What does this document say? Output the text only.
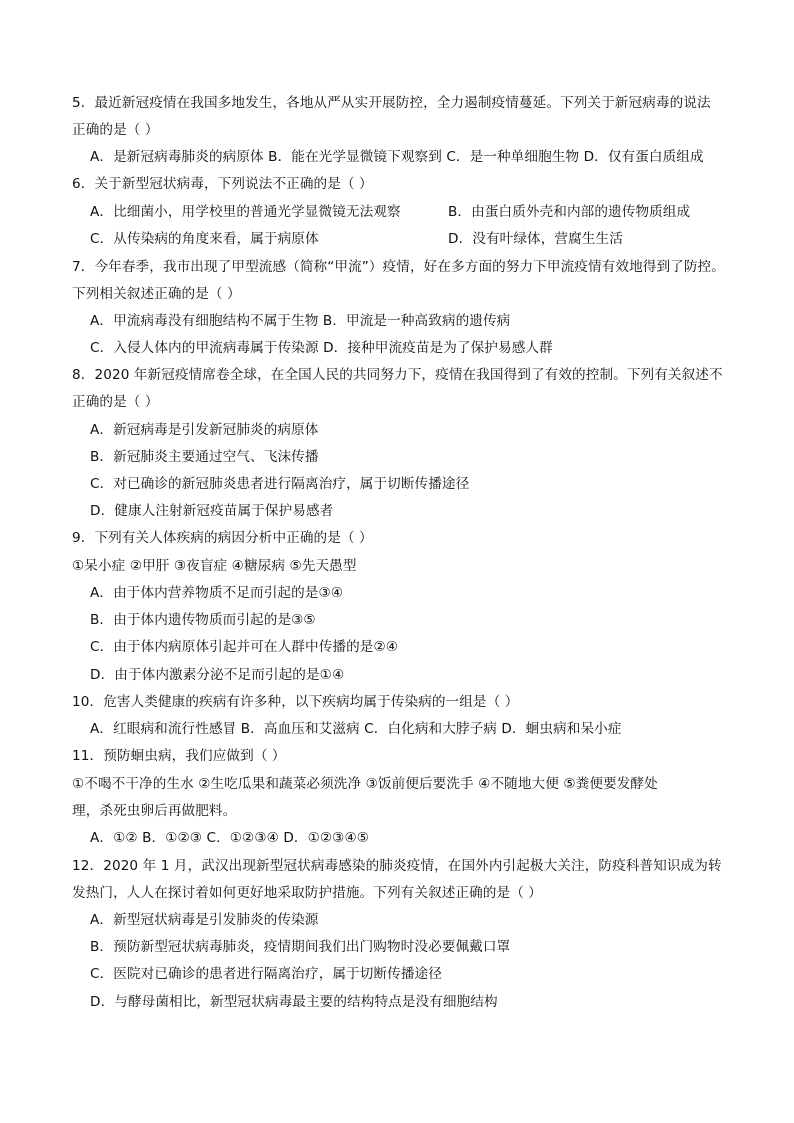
5．最近新冠疫情在我国多地发生，各地从严从实开展防控，全力遏制疫情蔓延。下列关于新冠病毒的说法
正确的是（ ）
A．是新冠病毒肺炎的病原体 B．能在光学显微镜下观察到 C．是一种单细胞生物 D．仅有蛋白质组成
6．关于新型冠状病毒，下列说法不正确的是（ ）
A．比细菌小，用学校里的普通光学显微镜无法观察	B．由蛋白质外壳和内部的遗传物质组成
C．从传染病的角度来看，属于病原体	D．没有叶绿体，营腐生生活
7．今年春季，我市出现了甲型流感（简称“甲流”）疫情，好在多方面的努力下甲流疫情有效地得到了防控。
下列相关叙述正确的是（ ）
A．甲流病毒没有细胞结构不属于生物 B．甲流是一种高致病的遗传病
C．入侵人体内的甲流病毒属于传染源 D．接种甲流疫苗是为了保护易感人群
8．2020 年新冠疫情席卷全球，在全国人民的共同努力下，疫情在我国得到了有效的控制。下列有关叙述不
正确的是（ ）
A．新冠病毒是引发新冠肺炎的病原体
B．新冠肺炎主要通过空气、飞沫传播
C．对已确诊的新冠肺炎患者进行隔离治疗，属于切断传播途径
D．健康人注射新冠疫苗属于保护易感者
9．下列有关人体疾病的病因分析中正确的是（ ）
①呆小症 ②甲肝 ③夜盲症 ④糖尿病 ⑤先天愚型
A．由于体内营养物质不足而引起的是③④
B．由于体内遗传物质而引起的是③⑤
C．由于体内病原体引起并可在人群中传播的是②④
D．由于体内激素分泌不足而引起的是①④
10．危害人类健康的疾病有许多种，以下疾病均属于传染病的一组是（ ）
A．红眼病和流行性感冒 B．高血压和艾滋病 C．白化病和大脖子病 D．蛔虫病和呆小症
11．预防蛔虫病，我们应做到（ ）
①不喝不干净的生水 ②生吃瓜果和蔬菜必须洗净 ③饭前便后要洗手 ④不随地大便 ⑤粪便要发酵处
理，杀死虫卵后再做肥料。
A．①② B．①②③ C．①②③④ D．①②③④⑤
12．2020 年 1 月，武汉出现新型冠状病毒感染的肺炎疫情，在国外内引起极大关注，防疫科普知识成为转
发热门，人人在探讨着如何更好地采取防护措施。下列有关叙述正确的是（ ）
A．新型冠状病毒是引发肺炎的传染源
B．预防新型冠状病毒肺炎，疫情期间我们出门购物时没必要佩戴口罩
C．医院对已确诊的患者进行隔离治疗，属于切断传播途径
D．与酵母菌相比，新型冠状病毒最主要的结构特点是没有细胞结构
